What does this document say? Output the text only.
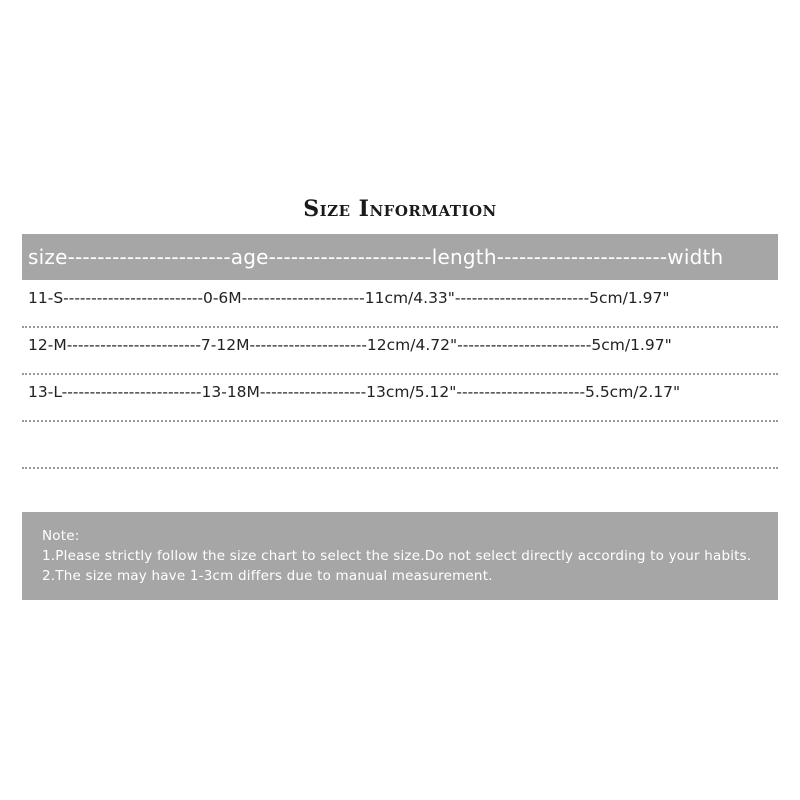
Size Information
size----------------------age----------------------length-----------------------width
11-S-------------------------0-6M----------------------11cm/4.33"------------------------5cm/1.97"
12-M------------------------7-12M---------------------12cm/4.72"------------------------5cm/1.97"
13-L-------------------------13-18M-------------------13cm/5.12"-----------------------5.5cm/2.17"
Note:
1.Please strictly follow the size chart to select the size.Do not select directly according to your habits.
2.The size may have 1-3cm differs due to manual measurement.
